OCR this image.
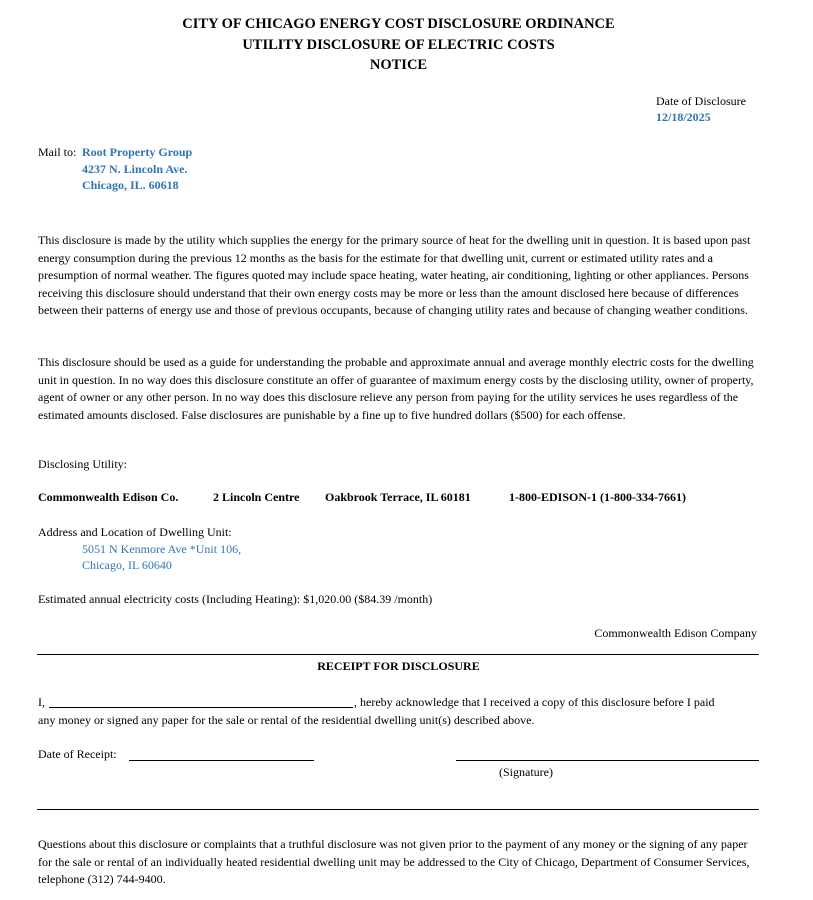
CITY OF CHICAGO ENERGY COST DISCLOSURE ORDINANCE
UTILITY DISCLOSURE OF ELECTRIC COSTS
NOTICE
Date of Disclosure
12/18/2025
Mail to: Root Property Group
4237 N. Lincoln Ave.
Chicago, IL. 60618
This disclosure is made by the utility which supplies the energy for the primary source of heat for the dwelling unit in question. It is based upon past energy consumption during the previous 12 months as the basis for the estimate for that dwelling unit, current or estimated utility rates and a presumption of normal weather. The figures quoted may include space heating, water heating, air conditioning, lighting or other appliances. Persons receiving this disclosure should understand that their own energy costs may be more or less than the amount disclosed here because of differences between their patterns of energy use and those of previous occupants, because of changing utility rates and because of changing weather conditions.
This disclosure should be used as a guide for understanding the probable and approximate annual and average monthly electric costs for the dwelling unit in question. In no way does this disclosure constitute an offer of guarantee of maximum energy costs by the disclosing utility, owner of property, agent of owner or any other person. In no way does this disclosure relieve any person from paying for the utility services he uses regardless of the estimated amounts disclosed. False disclosures are punishable by a fine up to five hundred dollars ($500) for each offense.
Disclosing Utility:
Commonwealth Edison Co.	2 Lincoln Centre Oakbrook Terrace, IL 60181	1-800-EDISON-1 (1-800-334-7661)
Address and Location of Dwelling Unit:
5051 N Kenmore Ave *Unit 106,
Chicago, IL 60640
Estimated annual electricity costs (Including Heating): $1,020.00 ($84.39 /month)
Commonwealth Edison Company
RECEIPT FOR DISCLOSURE
I,	, hereby acknowledge that I received a copy of this disclosure before I paid
any money or signed any paper for the sale or rental of the residential dwelling unit(s) described above.
Date of Receipt:
(Signature)
Questions about this disclosure or complaints that a truthful disclosure was not given prior to the payment of any money or the signing of any paper for the sale or rental of an individually heated residential dwelling unit may be addressed to the City of Chicago, Department of Consumer Services, telephone (312) 744-9400.
